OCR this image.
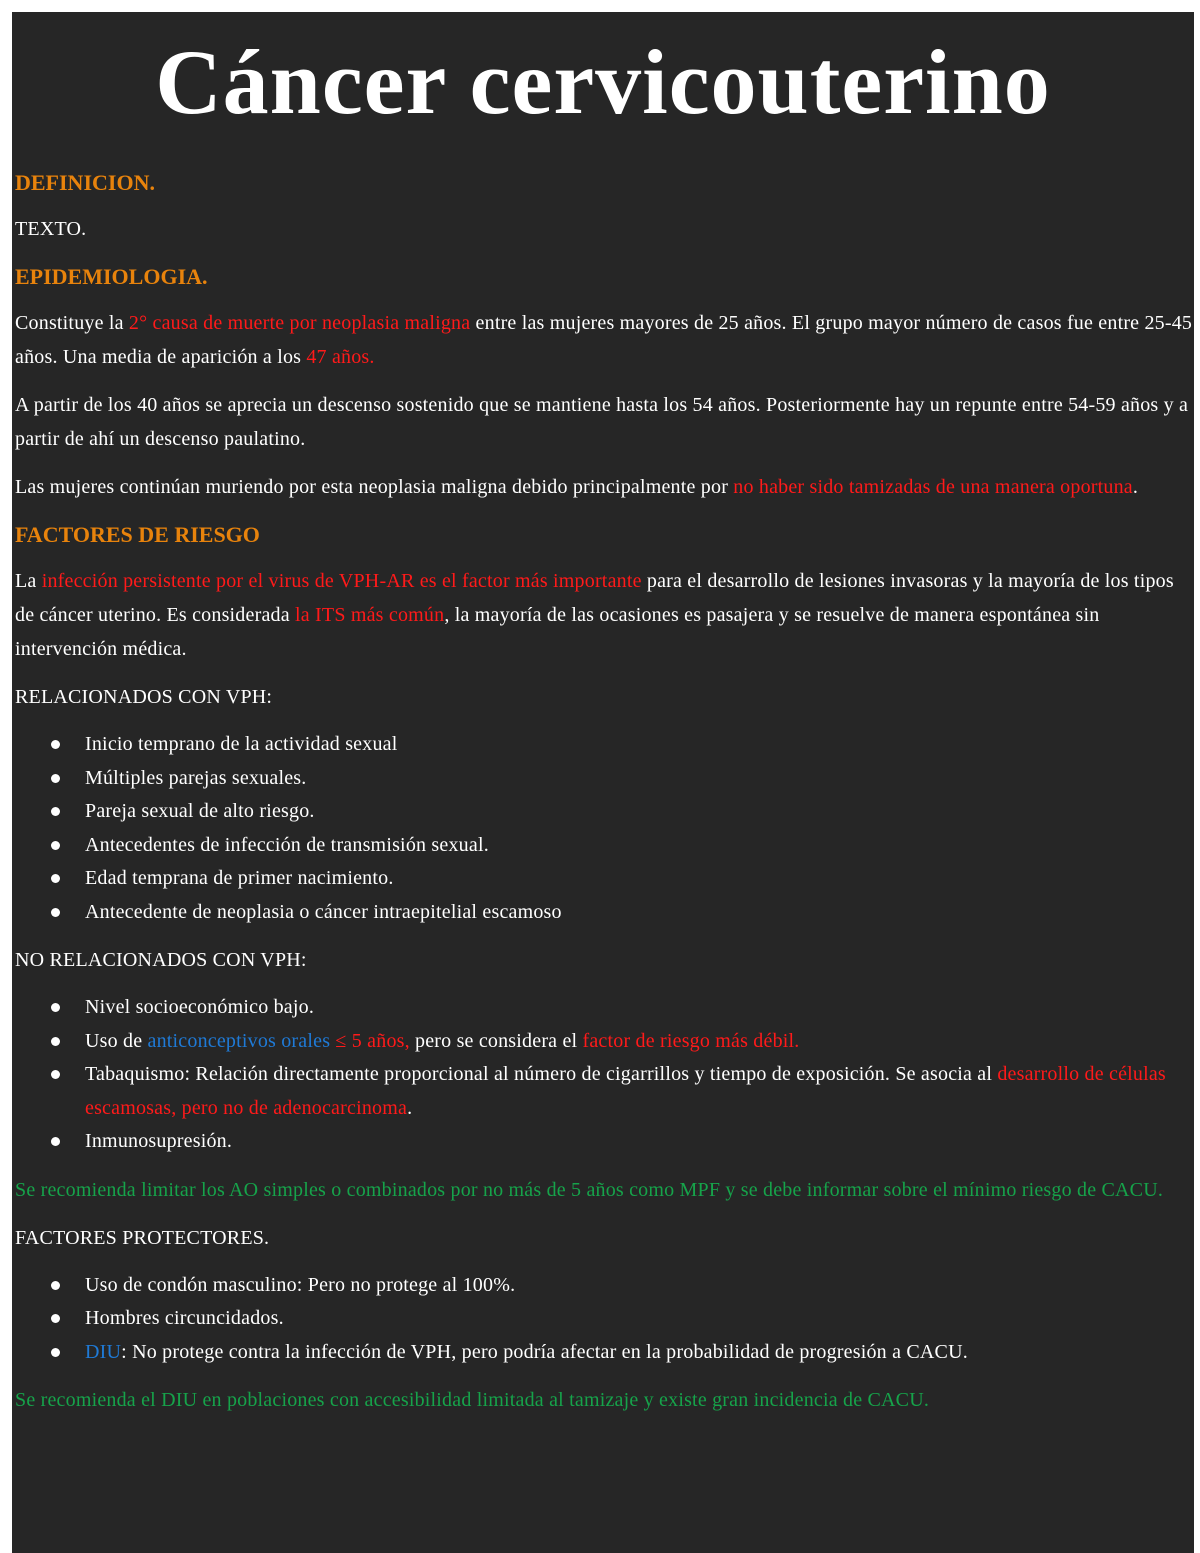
Cáncer cervicouterino
DEFINICION.

TEXTO.

EPIDEMIOLOGIA.

Constituye la 2° causa de muerte por neoplasia maligna entre las mujeres mayores de 25 años. El grupo mayor número de casos fue entre 25-45 años. Una media de aparición a los 47 años.

A partir de los 40 años se aprecia un descenso sostenido que se mantiene hasta los 54 años. Posteriormente hay un repunte entre 54-59 años y a partir de ahí un descenso paulatino.

Las mujeres continúan muriendo por esta neoplasia maligna debido principalmente por no haber sido tamizadas de una manera oportuna.

FACTORES DE RIESGO

La infección persistente por el virus de VPH-AR es el factor más importante para el desarrollo de lesiones invasoras y la mayoría de los tipos de cáncer uterino. Es considerada la ITS más común, la mayoría de las ocasiones es pasajera y se resuelve de manera espontánea sin intervención médica.

RELACIONADOS CON VPH:

Inicio temprano de la actividad sexual
Múltiples parejas sexuales.
Pareja sexual de alto riesgo.
Antecedentes de infección de transmisión sexual.
Edad temprana de primer nacimiento.
Antecedente de neoplasia o cáncer intraepitelial escamoso

NO RELACIONADOS CON VPH:

Nivel socioeconómico bajo.
Uso de anticonceptivos orales ≤ 5 años, pero se considera el factor de riesgo más débil.
Tabaquismo: Relación directamente proporcional al número de cigarrillos y tiempo de exposición. Se asocia al desarrollo de células escamosas, pero no de adenocarcinoma.
Inmunosupresión.

Se recomienda limitar los AO simples o combinados por no más de 5 años como MPF y se debe informar sobre el mínimo riesgo de CACU.

FACTORES PROTECTORES.

Uso de condón masculino: Pero no protege al 100%.
Hombres circuncidados.
DIU: No protege contra la infección de VPH, pero podría afectar en la probabilidad de progresión a CACU.

Se recomienda el DIU en poblaciones con accesibilidad limitada al tamizaje y existe gran incidencia de CACU.
